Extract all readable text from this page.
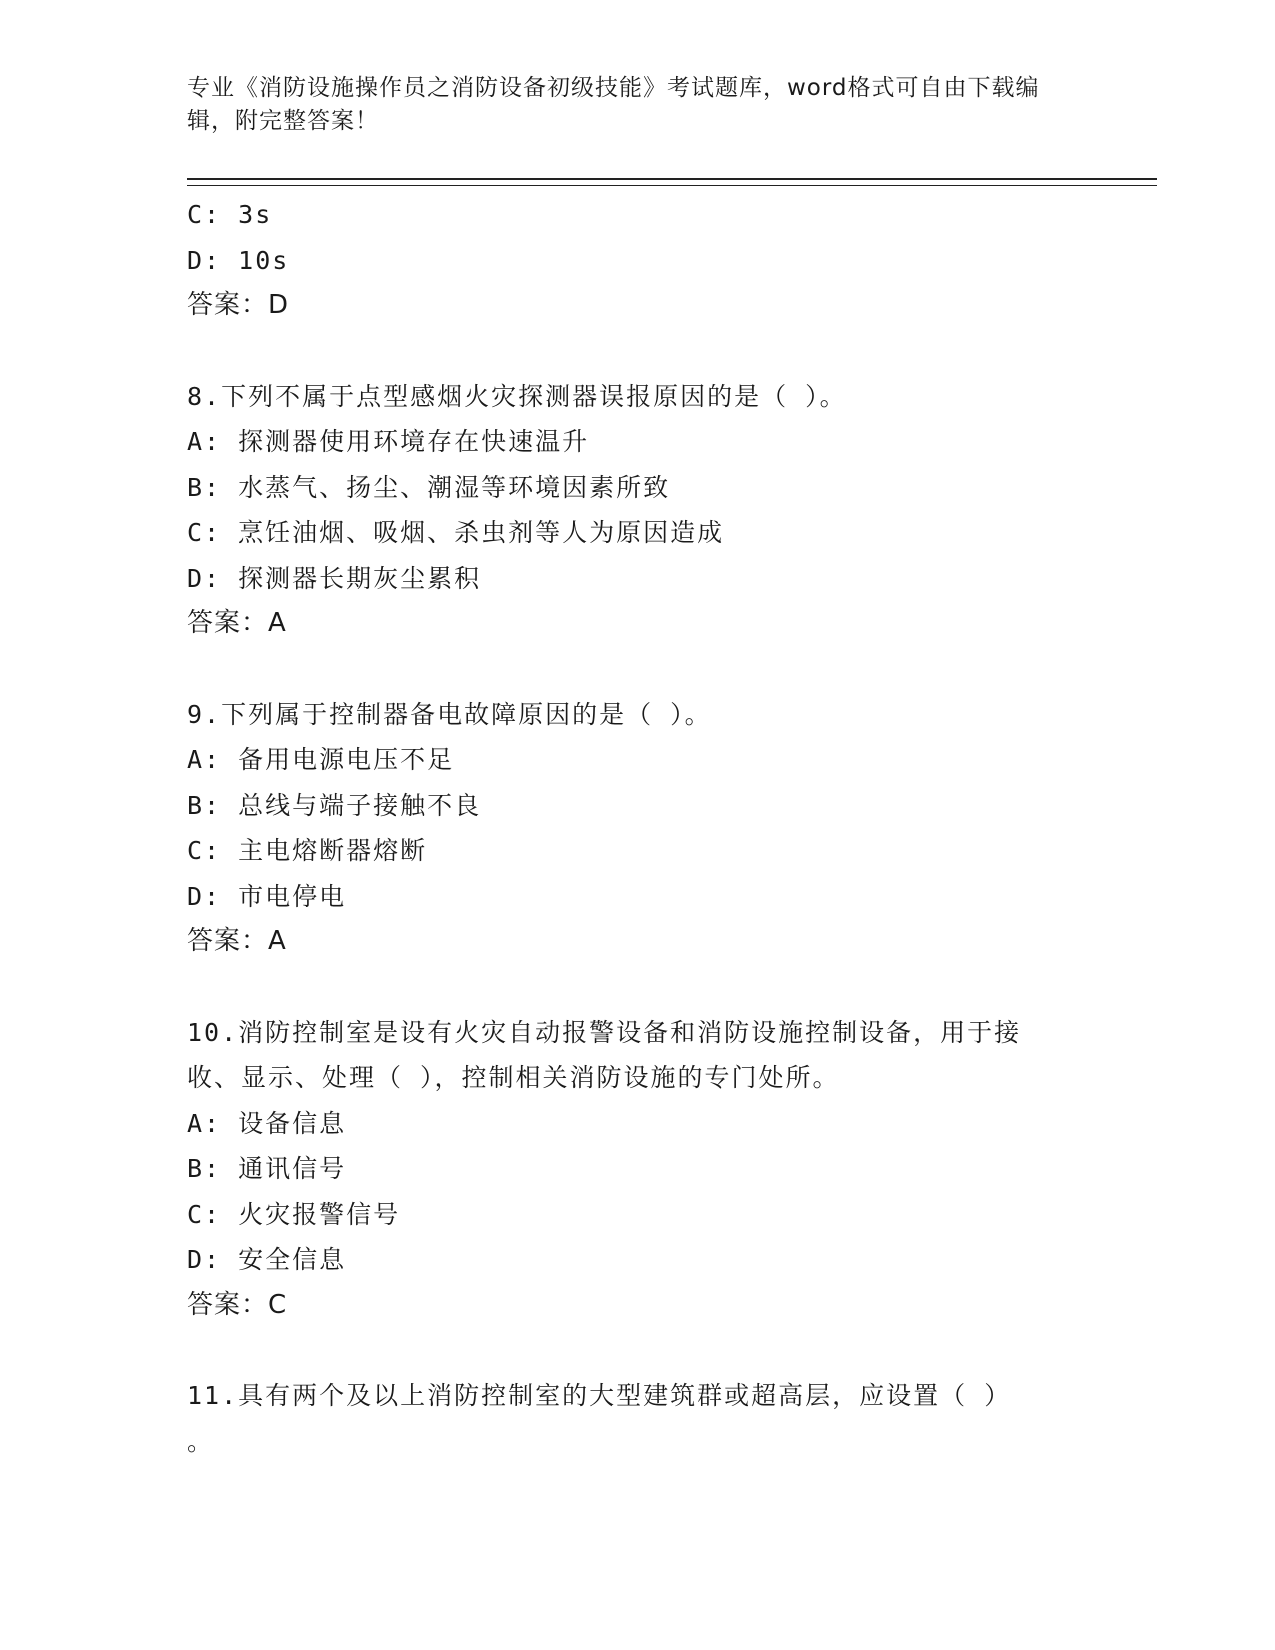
专业《消防设施操作员之消防设备初级技能》考试题库，word格式可自由下载编辑，附完整答案！
C: 3s
D: 10s
答案：D
8.下列不属于点型感烟火灾探测器误报原因的是（ ）。
A: 探测器使用环境存在快速温升
B: 水蒸气、扬尘、潮湿等环境因素所致
C: 烹饪油烟、吸烟、杀虫剂等人为原因造成
D: 探测器长期灰尘累积
答案：A
9.下列属于控制器备电故障原因的是（ ）。
A: 备用电源电压不足
B: 总线与端子接触不良
C: 主电熔断器熔断
D: 市电停电
答案：A
10.消防控制室是设有火灾自动报警设备和消防设施控制设备，用于接
收、显示、处理（ ），控制相关消防设施的专门处所。
A: 设备信息
B: 通讯信号
C: 火灾报警信号
D: 安全信息
答案：C
11.具有两个及以上消防控制室的大型建筑群或超高层，应设置（ ）
。
